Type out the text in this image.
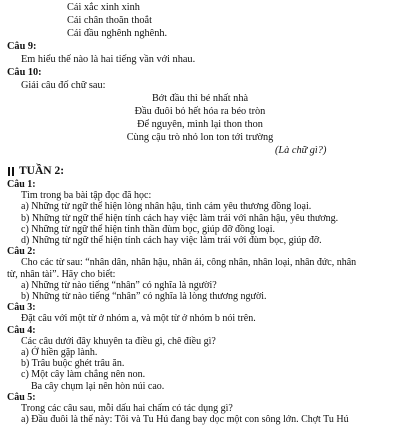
Cái xắc xinh xinh
Cái chân thoăn thoắt
Cái đầu nghênh nghênh.
Câu 9:
Em hiểu thế nào là hai tiếng vần với nhau.
Câu 10:
Giải câu đố chữ sau:
Bớt đầu thì bé nhất nhà
Đầu đuôi bỏ hết hóa ra béo tròn
Để nguyên, mình lại thon thon
Cùng cậu trò nhỏ lon ton tới trường
(Là chữ gì?)
TUẦN 2:
Câu 1:
Tìm trong ba bài tập đọc đã học:
a) Những từ ngữ thể hiện lòng nhân hậu, tình cảm yêu thương đồng loại.
b) Những từ ngữ thể hiện tính cách hay việc làm trái với nhân hậu, yêu thương.
c) Những từ ngữ thể hiện tinh thần đùm bọc, giúp đỡ đồng loại.
d) Những từ ngữ thể hiện tính cách hay việc làm trái với đùm bọc, giúp đỡ.
Câu 2:
Cho các từ sau: “nhân dân, nhân hậu, nhân ái, công nhân, nhân loại, nhân đức, nhân
từ, nhân tài”. Hãy cho biết:
a) Những từ nào tiếng “nhân” có nghĩa là người?
b) Những từ nào tiếng “nhân” có nghĩa là lòng thương người.
Câu 3:
Đặt câu với một từ ở nhóm a, và một từ ở nhóm b nói trên.
Câu 4:
Các câu dưới đây khuyên ta điều gì, chê điều gì?
a) Ở hiền gặp lành.
b) Trâu buộc ghét trâu ăn.
c) Một cây làm chẳng nên non.
Ba cây chụm lại nên hòn núi cao.
Câu 5:
Trong các câu sau, mỗi dấu hai chấm có tác dụng gì?
a) Đầu đuôi là thế này: Tôi và Tu Hú đang bay dọc một con sông lớn. Chợt Tu Hú
